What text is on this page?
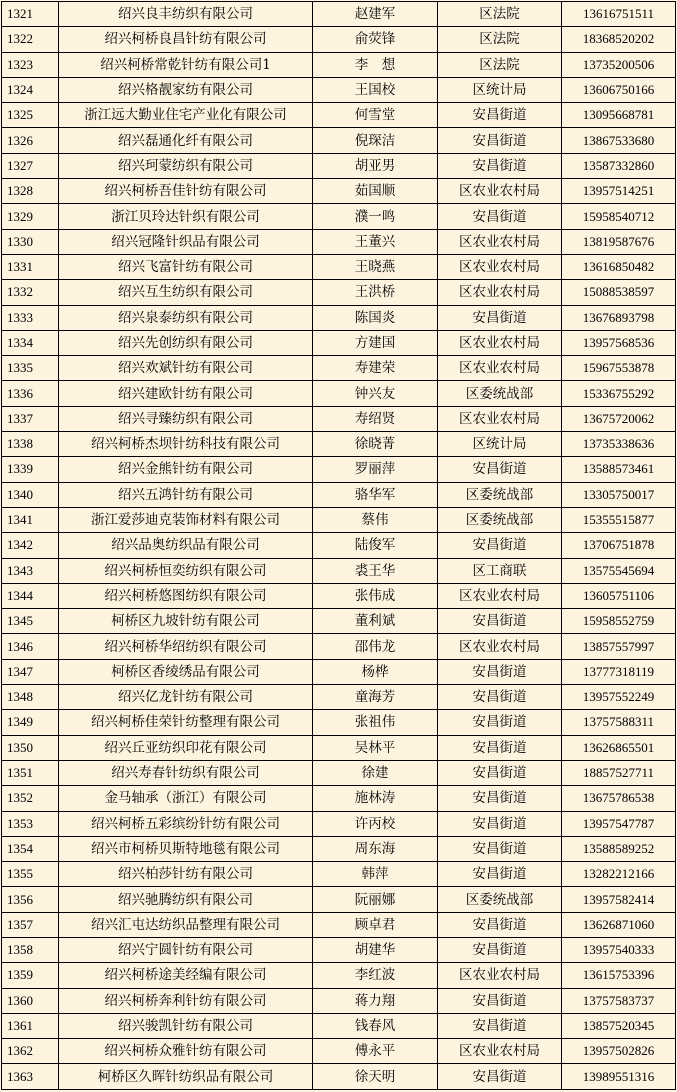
1321	绍兴良丰纺织有限公司	赵建军	区法院	13616751511
1322	绍兴柯桥良昌针纺有限公司	俞荧锋	区法院	18368520202
1323	绍兴柯桥常乾针纺有限公司1	李　想	区法院	13735200506
1324	绍兴格靓家纺有限公司	王国校	区统计局	13606750166
1325	浙江远大勤业住宅产业化有限公司	何雪堂	安昌街道	13095668781
1326	绍兴磊通化纤有限公司	倪琛洁	安昌街道	13867533680
1327	绍兴珂蒙纺织有限公司	胡亚男	安昌街道	13587332860
1328	绍兴柯桥吾佳针纺有限公司	茹国顺	区农业农村局	13957514251
1329	浙江贝玲达针织有限公司	濮一鸣	安昌街道	15958540712
1330	绍兴冠隆针织品有限公司	王董兴	区农业农村局	13819587676
1331	绍兴飞富针纺有限公司	王晓燕	区农业农村局	13616850482
1332	绍兴互生纺织有限公司	王洪桥	区农业农村局	15088538597
1333	绍兴泉泰纺织有限公司	陈国炎	安昌街道	13676893798
1334	绍兴先创纺织有限公司	方建国	区农业农村局	13957568536
1335	绍兴欢斌针纺有限公司	寿建荣	区农业农村局	15967553878
1336	绍兴建欧针纺有限公司	钟兴友	区委统战部	15336755292
1337	绍兴寻臻纺织有限公司	寿绍贤	区农业农村局	13675720062
1338	绍兴柯桥杰坝针纺科技有限公司	徐晓菁	区统计局	13735338636
1339	绍兴金熊针纺有限公司	罗丽萍	安昌街道	13588573461
1340	绍兴五鸿针纺有限公司	骆华军	区委统战部	13305750017
1341	浙江爱莎迪克装饰材料有限公司	蔡伟	区委统战部	15355515877
1342	绍兴品奥纺织品有限公司	陆俊军	安昌街道	13706751878
1343	绍兴柯桥恒奕纺织有限公司	裘王华	区工商联	13575545694
1344	绍兴柯桥悠图纺织有限公司	张伟成	区农业农村局	13605751106
1345	柯桥区九坡针纺有限公司	董利斌	安昌街道	15958552759
1346	绍兴柯桥华绍纺织有限公司	邵伟龙	区农业农村局	13857557997
1347	柯桥区香绫绣品有限公司	杨桦	安昌街道	13777318119
1348	绍兴亿龙针纺有限公司	童海芳	安昌街道	13957552249
1349	绍兴柯桥佳荣针纺整理有限公司	张祖伟	安昌街道	13757588311
1350	绍兴丘亚纺织印花有限公司	吴林平	安昌街道	13626865501
1351	绍兴寿春针纺织有限公司	徐建	安昌街道	18857527711
1352	金马轴承（浙江）有限公司	施林涛	安昌街道	13675786538
1353	绍兴柯桥五彩缤纷针纺有限公司	许丙校	安昌街道	13957547787
1354	绍兴市柯桥贝斯特地毯有限公司	周东海	安昌街道	13588589252
1355	绍兴柏莎针纺有限公司	韩萍	安昌街道	13282212166
1356	绍兴驰腾纺织有限公司	阮丽娜	区委统战部	13957582414
1357	绍兴汇屯达纺织品整理有限公司	顾卓君	安昌街道	13626871060
1358	绍兴宁圆针纺有限公司	胡建华	安昌街道	13957540333
1359	绍兴柯桥途美经编有限公司	李红波	区农业农村局	13615753396
1360	绍兴柯桥奔利针纺有限公司	蒋力翔	安昌街道	13757583737
1361	绍兴骏凯针纺有限公司	钱春风	安昌街道	13857520345
1362	绍兴柯桥众雅针纺有限公司	傅永平	区农业农村局	13957502826
1363	柯桥区久晖针纺织品有限公司	徐天明	安昌街道	13989551316
